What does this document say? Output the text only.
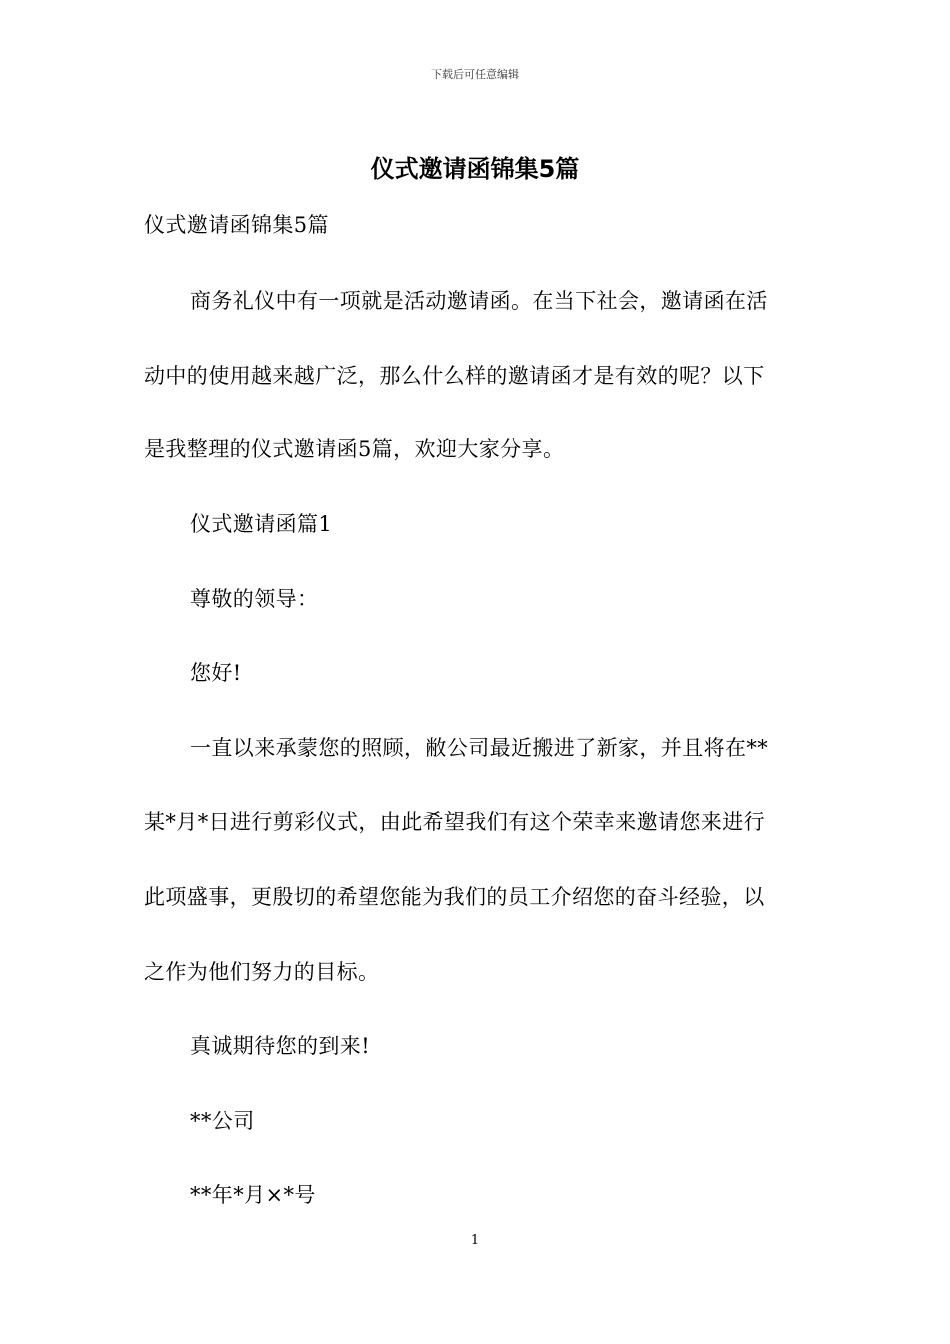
下载后可任意编辑
仪式邀请函锦集5篇
仪式邀请函锦集5篇
商务礼仪中有一项就是活动邀请函。在当下社会，邀请函在活
动中的使用越来越广泛，那么什么样的邀请函才是有效的呢？以下
是我整理的仪式邀请函5篇，欢迎大家分享。
仪式邀请函篇1
尊敬的领导：
您好!
一直以来承蒙您的照顾，敝公司最近搬进了新家，并且将在**
某*月*日进行剪彩仪式，由此希望我们有这个荣幸来邀请您来进行
此项盛事，更殷切的希望您能为我们的员工介绍您的奋斗经验，以
之作为他们努力的目标。
真诚期待您的到来!
**公司
**年*月×*号
1
